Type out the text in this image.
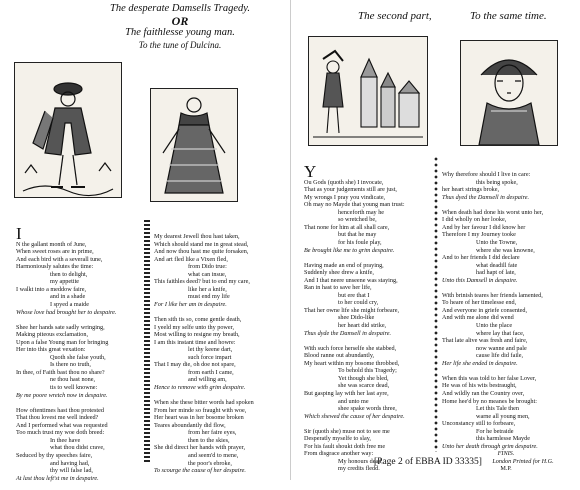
The desperate Damsells Tragedy.
OR
The faithlesse young man.
To the tune of Dulcina.

I

N the gallant month of June,
When sweet roses are in prime,
And each bird with a severall tune,
Harmoniously salutes the time:
then to delight,
my appetite
I walkt into a meddow faire,
and in a shade
I spyed a maide
Whose love had brought her to despaire.

Shee her hands sate sadly wringing,
Making piteous exclamation,
Upon a false Young man for bringing
Her into this great vexation:
Quoth she false youth,
Is there no truth,
In thee, of Faith bast thou no share?
ne thou hast none,
tis to well knowne:
By me poore wretch now in despaire.

How oftentimes hast thou protested
That thou lovest me well indeed?
And I performed what was requested
Too much trust my woe doth breed:
In thee have
what thou didst crave,
Seduced by thy speeches faire,
and having had,
thy will false lad,
At last thou left'st me in despaire.

My dearest Jewell thou hast taken,
Which should stand me in great stead,
And now thou hast me quite forsaken,
And art fled like a Vixen fled,
from Dido true:
what can insue,
This faithles deed? but to end my care,
like her a knife,
must end my life
For I like her am in despaire.

Then sith tis so, come gentle death,
I yeeld my selfe unto thy power,
Most willing to resigne my breath,
I am this instant time and howre:
let thy keene dart,
such force impart
That I may die, oh doe not spare,
from earth I came,
and willing am,
Hence to remove with grim despaire.

When she these bitter words had spoken
From her minde so fraught with woe,
Her heart was in her bosome broken
Teares aboundantly did flow,
from her faire eyes,
then to the skies,
She did direct her hands with prayer,
and seem'd to mene,
the poor's ebroke,
To scourge the cause of her despaire.

The second part,	To the same time.

Y

Ou Gods (quoth she) I invocate,
That as your judgements still are just,
My wrongs I pray you vindicate,
Oh may no Mayde that young man trust:
henceforth may he
so wretched be,
That none for him at all shall care,
but that he may
for his foule play,
Be brought like me to grim despaire.

Having made an end of praying,
Suddenly shee drew a knife,
And I that neere unseene was staying,
Ran in hast to save her life,
but ere that I
to her could cry,
That her owne life she might forbeare,
shee Dido-like
her heart did strike,
Thus dyde the Damsell in despaire.

With such force herselfe she stabbed,
Blood ranne out abundantly,
My heart within my bosome throbbed,
To behold this Tragedy;
Yet though she bled,
she was scarce dead,
But gasping lay with her last ayre,
and unto me
shee spake words three,
Which shewed the cause of her despaire.

Sir (quoth she) muse not to see me
Desperatly myselfe to slay,
For his fault shoukt doth free me
From disgrace another way:
My honours dead,
my credits fledd.

Why therefore should I live in care:
this being spoke,
her heart strings broke,
Thus dyed the Damsell in despaire.

When death had done his worst unto her,
I did wholly on her looke,
And by her favour I did know her
Therefore I my Journey tooke
Unto the Towne,
where she was knowne,
And to her friends I did declare
what deadill fate
had hapt of late,
Unto this Damsell in despaire.

With brinish teares her friends lamented,
To heare of her timelesse end,
And everyone in griefe consented,
And with me alone did wend
Unto the place
where lay that face,
That late alive was fresh and faire,
now wanne and pale
cause life did faile,
Her life she ended in despaire.

When this was told to her false Lover,
He was of his wits bestraught,
And wildly ran the Country over,
Home hee'd by no meanes be brought:
Let this Tale then
warne all young men,
Unconstancy still to forbeare,
For he betraide
this harmlesse Mayde
Unto her death through grim despaire.
FINIS.
London Printed for H.G.
M.P.

[Page 2 of EBBA ID 33335]
